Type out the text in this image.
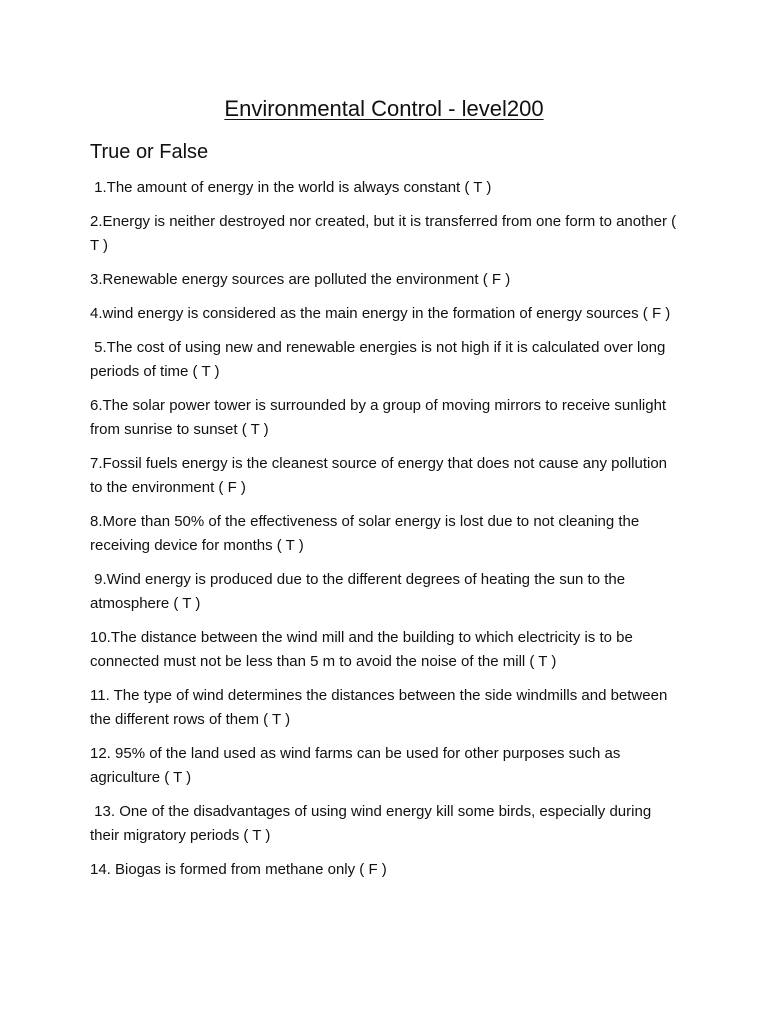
Environmental Control - level200
True or False
1.The amount of energy in the world is always constant ( T )
2.Energy is neither destroyed nor created, but it is transferred from one form to another ( T )
3.Renewable energy sources are polluted the environment ( F )
4.wind energy is considered as the main energy in the formation of energy sources ( F )
5.The cost of using new and renewable energies is not high if it is calculated over long periods of time ( T )
6.The solar power tower is surrounded by a group of moving mirrors to receive sunlight from sunrise to sunset ( T )
7.Fossil fuels energy is the cleanest source of energy that does not cause any pollution to the environment ( F )
8.More than 50% of the effectiveness of solar energy is lost due to not cleaning the receiving device for months ( T )
9.Wind energy is produced due to the different degrees of heating the sun to the atmosphere ( T )
10.The distance between the wind mill and the building to which electricity is to be connected must not be less than 5 m to avoid the noise of the mill ( T )
11. The type of wind determines the distances between the side windmills and between the different rows of them ( T )
12. 95% of the land used as wind farms can be used for other purposes such as agriculture ( T )
13. One of the disadvantages of using wind energy kill some birds, especially during their migratory periods ( T )
14. Biogas is formed from methane only ( F )
